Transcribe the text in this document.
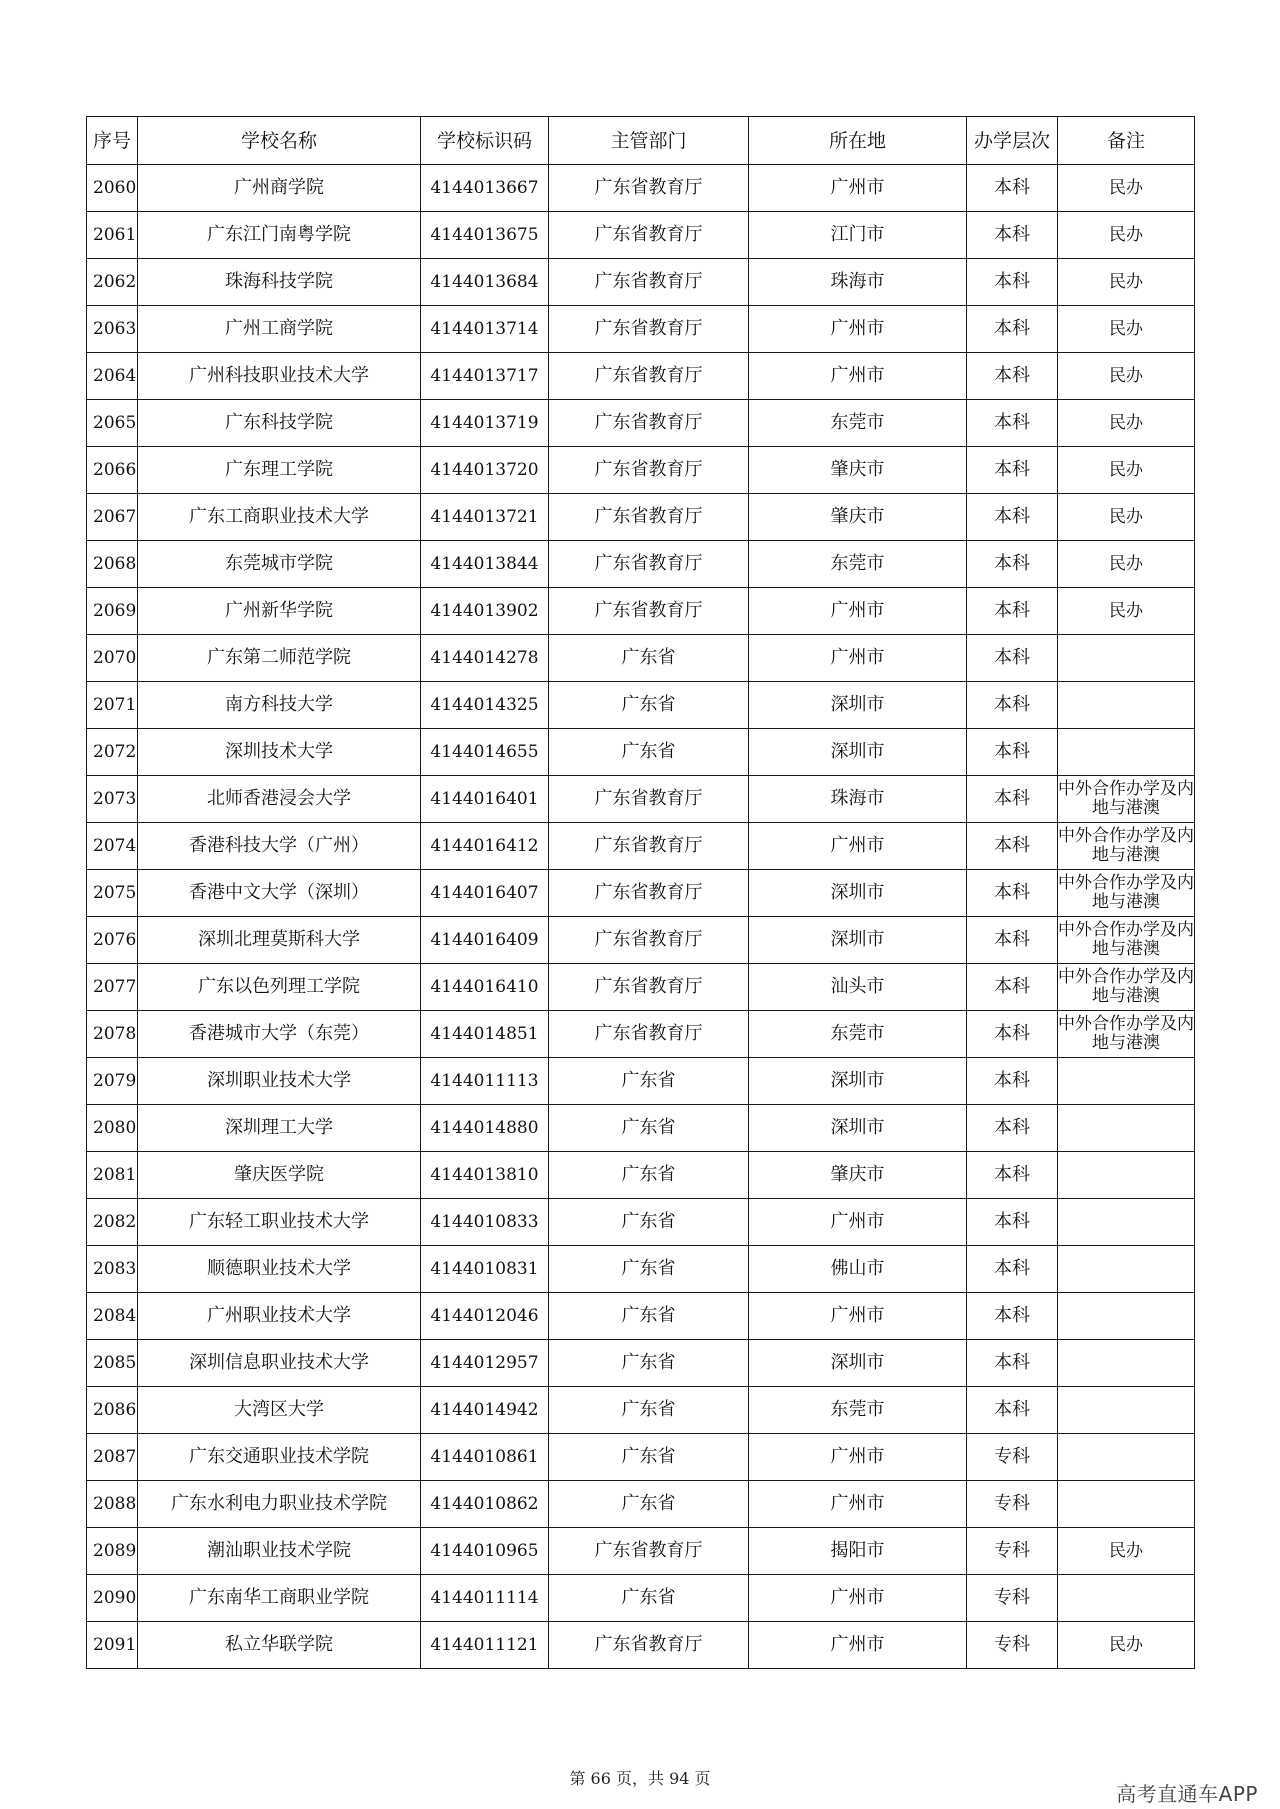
序号	学校名称	学校标识码	主管部门	所在地	办学层次	备注
2060	广州商学院	4144013667	广东省教育厅	广州市	本科	民办
2061	广东江门南粤学院	4144013675	广东省教育厅	江门市	本科	民办
2062	珠海科技学院	4144013684	广东省教育厅	珠海市	本科	民办
2063	广州工商学院	4144013714	广东省教育厅	广州市	本科	民办
2064	广州科技职业技术大学	4144013717	广东省教育厅	广州市	本科	民办
2065	广东科技学院	4144013719	广东省教育厅	东莞市	本科	民办
2066	广东理工学院	4144013720	广东省教育厅	肇庆市	本科	民办
2067	广东工商职业技术大学	4144013721	广东省教育厅	肇庆市	本科	民办
2068	东莞城市学院	4144013844	广东省教育厅	东莞市	本科	民办
2069	广州新华学院	4144013902	广东省教育厅	广州市	本科	民办
2070	广东第二师范学院	4144014278	广东省	广州市	本科	
2071	南方科技大学	4144014325	广东省	深圳市	本科	
2072	深圳技术大学	4144014655	广东省	深圳市	本科	
2073	北师香港浸会大学	4144016401	广东省教育厅	珠海市	本科	中外合作办学及内地与港澳
2074	香港科技大学（广州）	4144016412	广东省教育厅	广州市	本科	中外合作办学及内地与港澳
2075	香港中文大学（深圳）	4144016407	广东省教育厅	深圳市	本科	中外合作办学及内地与港澳
2076	深圳北理莫斯科大学	4144016409	广东省教育厅	深圳市	本科	中外合作办学及内地与港澳
2077	广东以色列理工学院	4144016410	广东省教育厅	汕头市	本科	中外合作办学及内地与港澳
2078	香港城市大学（东莞）	4144014851	广东省教育厅	东莞市	本科	中外合作办学及内地与港澳
2079	深圳职业技术大学	4144011113	广东省	深圳市	本科	
2080	深圳理工大学	4144014880	广东省	深圳市	本科	
2081	肇庆医学院	4144013810	广东省	肇庆市	本科	
2082	广东轻工职业技术大学	4144010833	广东省	广州市	本科	
2083	顺德职业技术大学	4144010831	广东省	佛山市	本科	
2084	广州职业技术大学	4144012046	广东省	广州市	本科	
2085	深圳信息职业技术大学	4144012957	广东省	深圳市	本科	
2086	大湾区大学	4144014942	广东省	东莞市	本科	
2087	广东交通职业技术学院	4144010861	广东省	广州市	专科	
2088	广东水利电力职业技术学院	4144010862	广东省	广州市	专科	
2089	潮汕职业技术学院	4144010965	广东省教育厅	揭阳市	专科	民办
2090	广东南华工商职业学院	4144011114	广东省	广州市	专科	
2091	私立华联学院	4144011121	广东省教育厅	广州市	专科	民办
第 66 页，共 94 页
高考直通车APP
